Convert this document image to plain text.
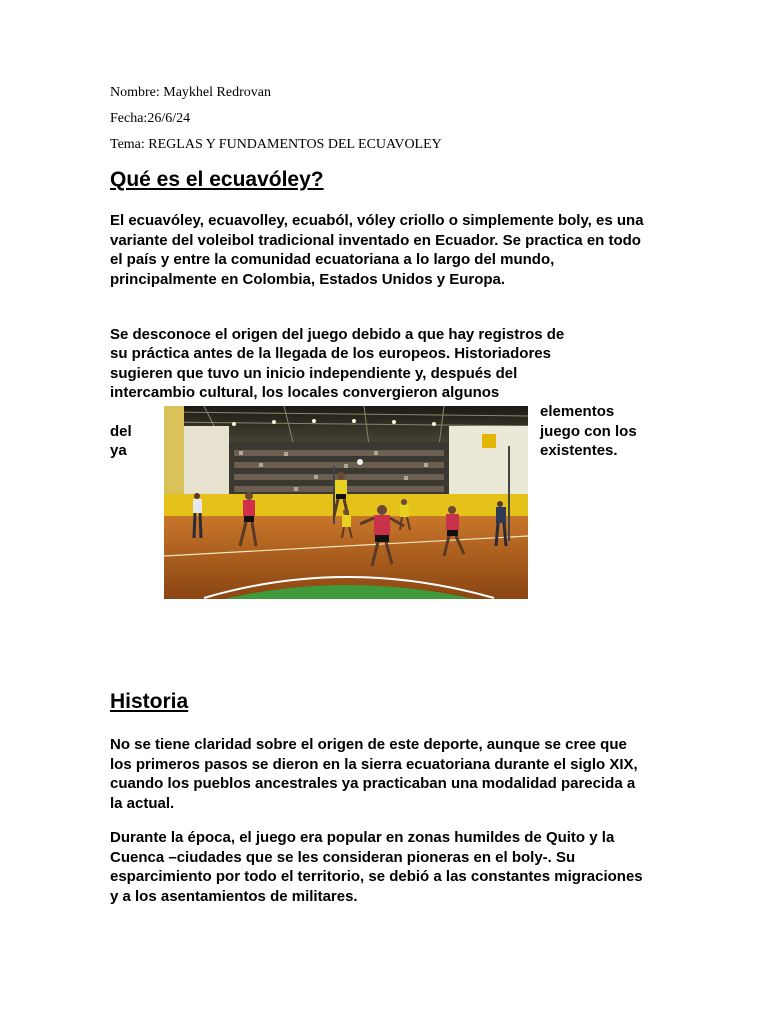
Nombre: Maykhel Redrovan
Fecha:26/6/24
Tema: REGLAS Y FUNDAMENTOS DEL ECUAVOLEY
Qué es el ecuavóley?

El ecuavóley, ecuavolley, ecuaból, vóley criollo o simplemente boly, es una variante del voleibol tradicional inventado en Ecuador. Se practica en todo el país y entre la comunidad ecuatoriana a lo largo del mundo, principalmente en Colombia, Estados Unidos y Europa.

Se desconoce el origen del juego debido a que hay registros de
su práctica antes de la llegada de los europeos. Historiadores
sugieren que tuvo un inicio independiente y, después del
intercambio cultural, los locales convergieron algunos
elementos
del	juego con los
ya	existentes.
Historia

No se tiene claridad sobre el origen de este deporte, aunque se cree que los primeros pasos se dieron en la sierra ecuatoriana durante el siglo XIX, cuando los pueblos ancestrales ya practicaban una modalidad parecida a la actual.

Durante la época, el juego era popular en zonas humildes de Quito y la Cuenca –ciudades que se les consideran pioneras en el boly-. Su esparcimiento por todo el territorio, se debió a las constantes migraciones y a los asentamientos de militares.
